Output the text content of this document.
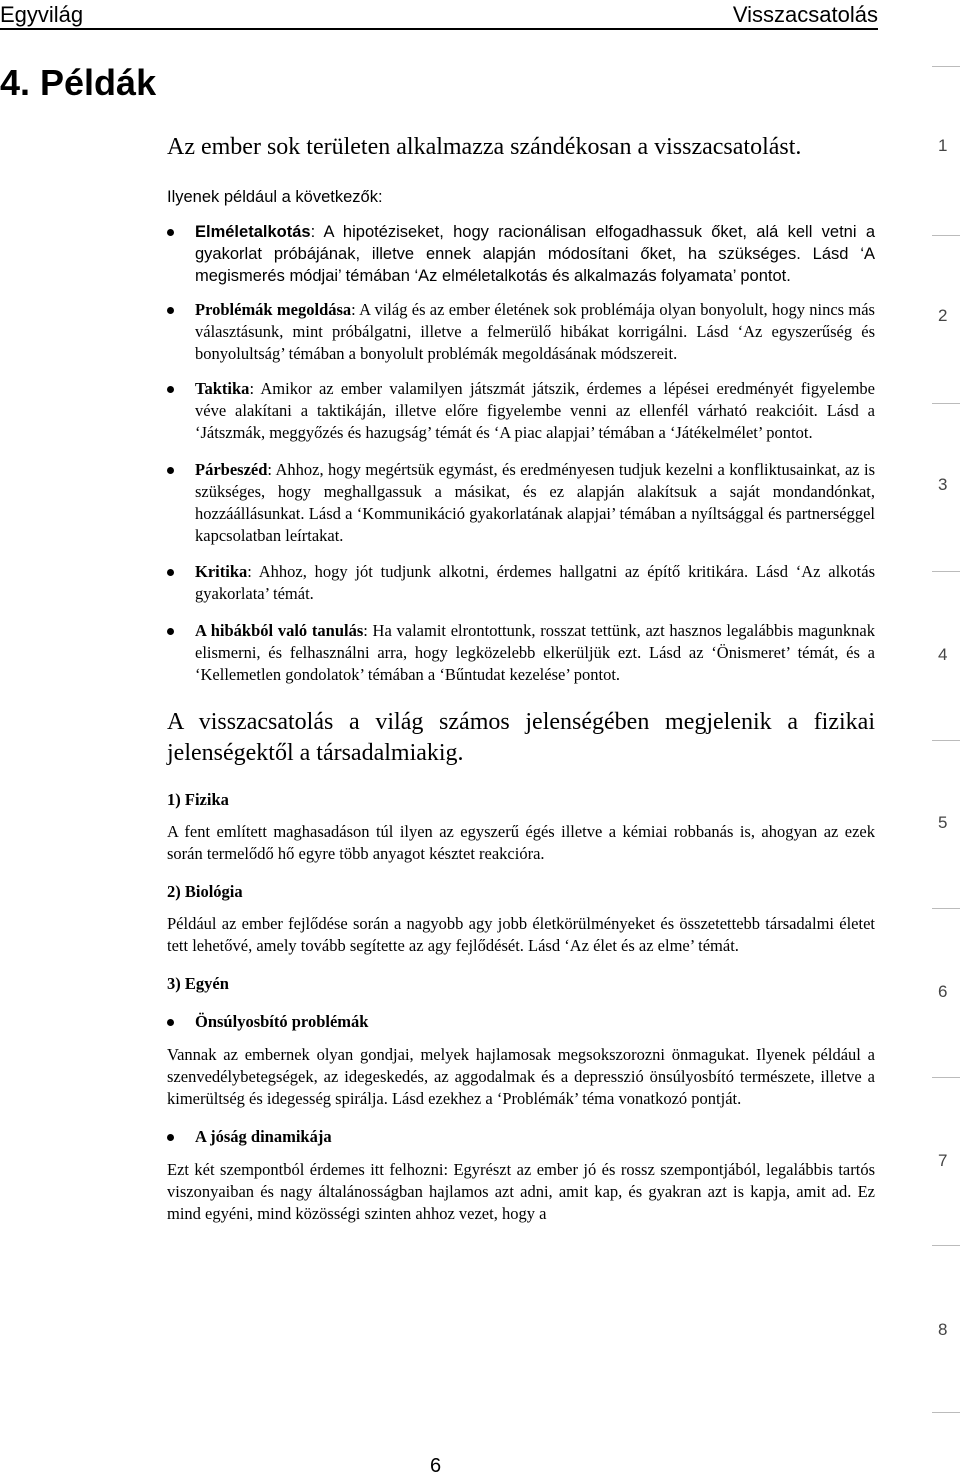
Egyvilág	Visszacsatolás
4. Példák

Az ember sok területen alkalmazza szándékosan a visszacsatolást.

Ilyenek például a következők:

Elméletalkotás: A hipotéziseket, hogy racionálisan elfogadhassuk őket, alá kell vetni a gyakorlat próbájának, illetve ennek alapján módosítani őket, ha szükséges. Lásd ‘A megismerés módjai’ témában ‘Az elméletalkotás és alkalmazás folyamata’ pontot.
Problémák megoldása: A világ és az ember életének sok problémája olyan bonyolult, hogy nincs más választásunk, mint próbálgatni, illetve a felmerülő hibákat korrigálni. Lásd ‘Az egyszerűség és bonyolultság’ témában a bonyolult problémák megoldásának módszereit.
Taktika: Amikor az ember valamilyen játszmát játszik, érdemes a lépései eredményét figyelembe véve alakítani a taktikáján, illetve előre figyelembe venni az ellenfél várható reakcióit. Lásd a ‘Játszmák, meggyőzés és hazugság’ témát és ‘A piac alapjai’ témában a ‘Játékelmélet’ pontot.
Párbeszéd: Ahhoz, hogy megértsük egymást, és eredményesen tudjuk kezelni a konfliktusainkat, az is szükséges, hogy meghallgassuk a másikat, és ez alapján alakítsuk a saját mondandónkat, hozzáállásunkat. Lásd a ‘Kommunikáció gyakorlatának alapjai’ témában a nyíltsággal és partnerséggel kapcsolatban leírtakat.
Kritika: Ahhoz, hogy jót tudjunk alkotni, érdemes hallgatni az építő kritikára. Lásd ‘Az alkotás gyakorlata’ témát.
A hibákból való tanulás: Ha valamit elrontottunk, rosszat tettünk, azt hasznos legalábbis magunknak elismerni, és felhasználni arra, hogy legközelebb elkerüljük ezt. Lásd az ‘Önismeret’ témát, és a ‘Kellemetlen gondolatok’ témában a ‘Bűntudat kezelése’ pontot.

A visszacsatolás a világ számos jelenségében megjelenik a fizikai jelenségektől a társadalmiakig.

1) Fizika

A fent említett maghasadáson túl ilyen az egyszerű égés illetve a kémiai robbanás is, ahogyan az ezek során termelődő hő egyre több anyagot késztet reakcióra.

2) Biológia

Például az ember fejlődése során a nagyobb agy jobb életkörülményeket és összetettebb társadalmi életet tett lehetővé, amely tovább segítette az agy fejlődését. Lásd ‘Az élet és az elme’ témát.

3) Egyén

Önsúlyosbító problémák

Vannak az embernek olyan gondjai, melyek hajlamosak megsokszorozni önmagukat. Ilyenek például a szenvedélybetegségek, az idegeskedés, az aggodalmak és a depresszió önsúlyosbító természete, illetve a kimerültség és idegesség spirálja. Lásd ezekhez a ‘Problémák’ téma vonatkozó pontját.

A jóság dinamikája

Ezt két szempontból érdemes itt felhozni: Egyrészt az ember jó és rossz szempontjából, legalábbis tartós viszonyaiban és nagy általánosságban hajlamos azt adni, amit kap, és gyakran azt is kapja, amit ad. Ez mind egyéni, mind közösségi szinten ahhoz vezet, hogy a

1
2
3
4
5
6
7
8
6
